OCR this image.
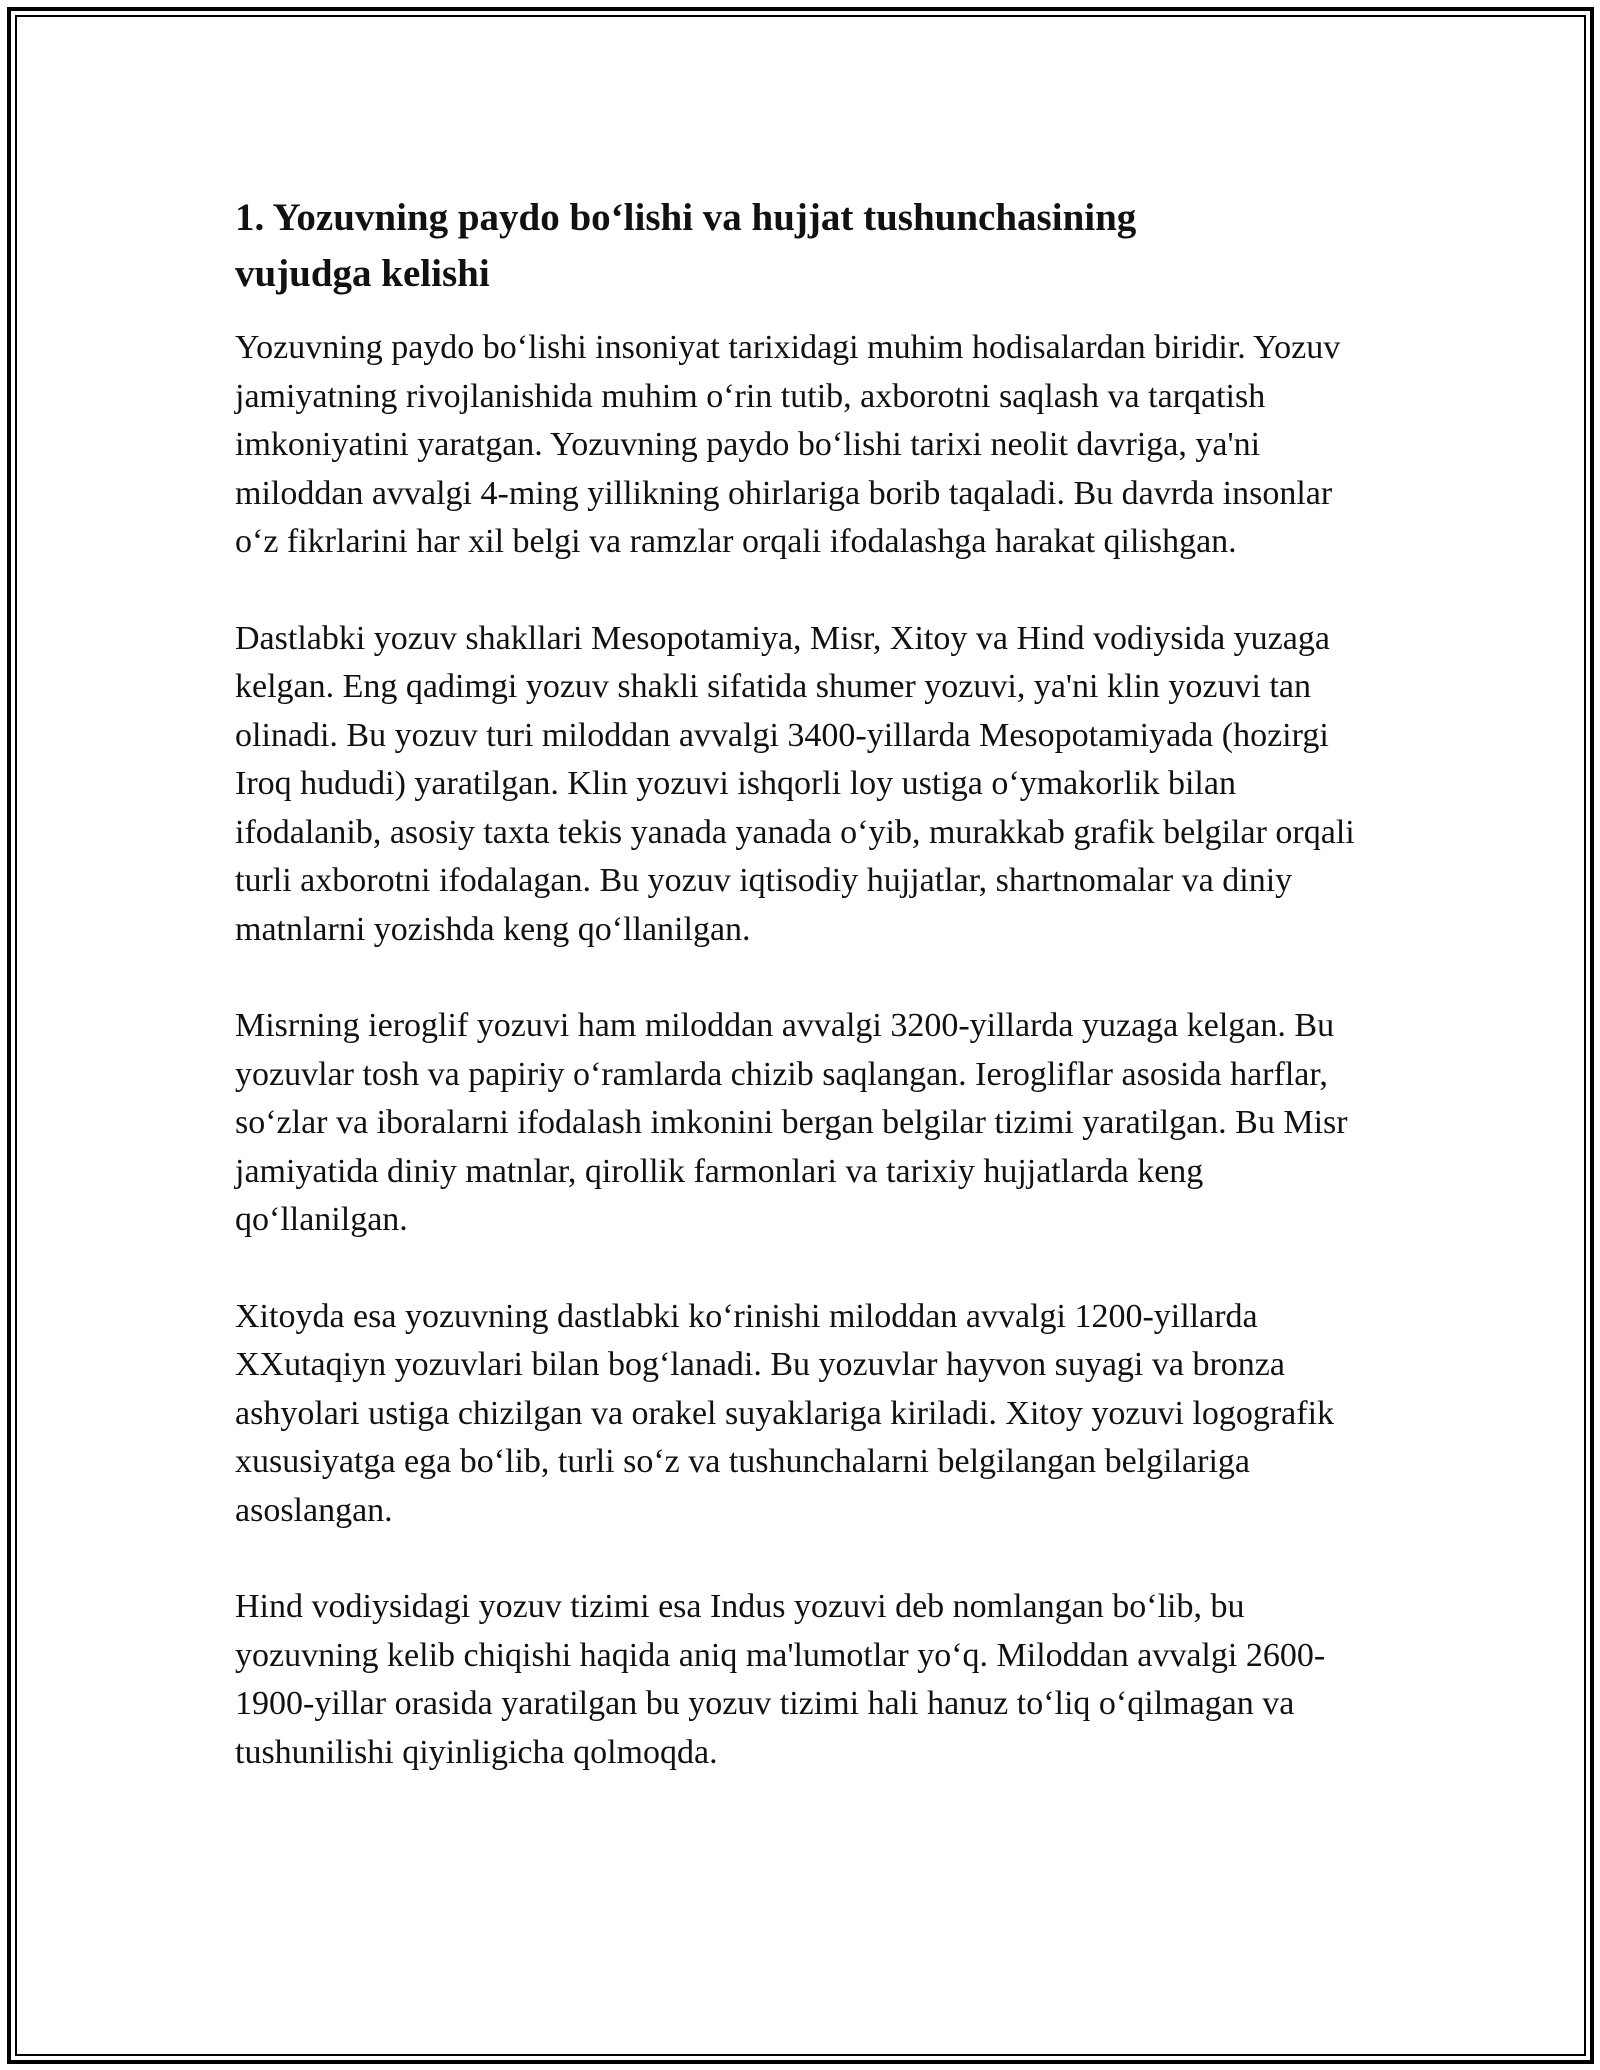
1. Yozuvning paydo bo‘lishi va hujjat tushunchasining vujudga kelishi

Yozuvning paydo bo‘lishi insoniyat tarixidagi muhim hodisalardan biridir. Yozuv jamiyatning rivojlanishida muhim o‘rin tutib, axborotni saqlash va tarqatish imkoniyatini yaratgan. Yozuvning paydo bo‘lishi tarixi neolit davriga, ya'ni miloddan avvalgi 4-ming yillikning ohirlariga borib taqaladi. Bu davrda insonlar o‘z fikrlarini har xil belgi va ramzlar orqali ifodalashga harakat qilishgan.

Dastlabki yozuv shakllari Mesopotamiya, Misr, Xitoy va Hind vodiysida yuzaga kelgan. Eng qadimgi yozuv shakli sifatida shumer yozuvi, ya'ni klin yozuvi tan olinadi. Bu yozuv turi miloddan avvalgi 3400-yillarda Mesopotamiyada (hozirgi Iroq hududi) yaratilgan. Klin yozuvi ishqorli loy ustiga o‘ymakorlik bilan ifodalanib, asosiy taxta tekis yanada yanada o‘yib, murakkab grafik belgilar orqali turli axborotni ifodalagan. Bu yozuv iqtisodiy hujjatlar, shartnomalar va diniy matnlarni yozishda keng qo‘llanilgan.

Misrning ieroglif yozuvi ham miloddan avvalgi 3200-yillarda yuzaga kelgan. Bu yozuvlar tosh va papiriy o‘ramlarda chizib saqlangan. Ierogliflar asosida harflar, so‘zlar va iboralarni ifodalash imkonini bergan belgilar tizimi yaratilgan. Bu Misr jamiyatida diniy matnlar, qirollik farmonlari va tarixiy hujjatlarda keng qo‘llanilgan.

Xitoyda esa yozuvning dastlabki ko‘rinishi miloddan avvalgi 1200-yillarda XXutaqiyn yozuvlari bilan bog‘lanadi. Bu yozuvlar hayvon suyagi va bronza ashyolari ustiga chizilgan va orakel suyaklariga kiriladi. Xitoy yozuvi logografik xususiyatga ega bo‘lib, turli so‘z va tushunchalarni belgilangan belgilariga asoslangan.

Hind vodiysidagi yozuv tizimi esa Indus yozuvi deb nomlangan bo‘lib, bu yozuvning kelib chiqishi haqida aniq ma'lumotlar yo‘q. Miloddan avvalgi 2600-1900-yillar orasida yaratilgan bu yozuv tizimi hali hanuz to‘liq o‘qilmagan va tushunilishi qiyinligicha qolmoqda.
